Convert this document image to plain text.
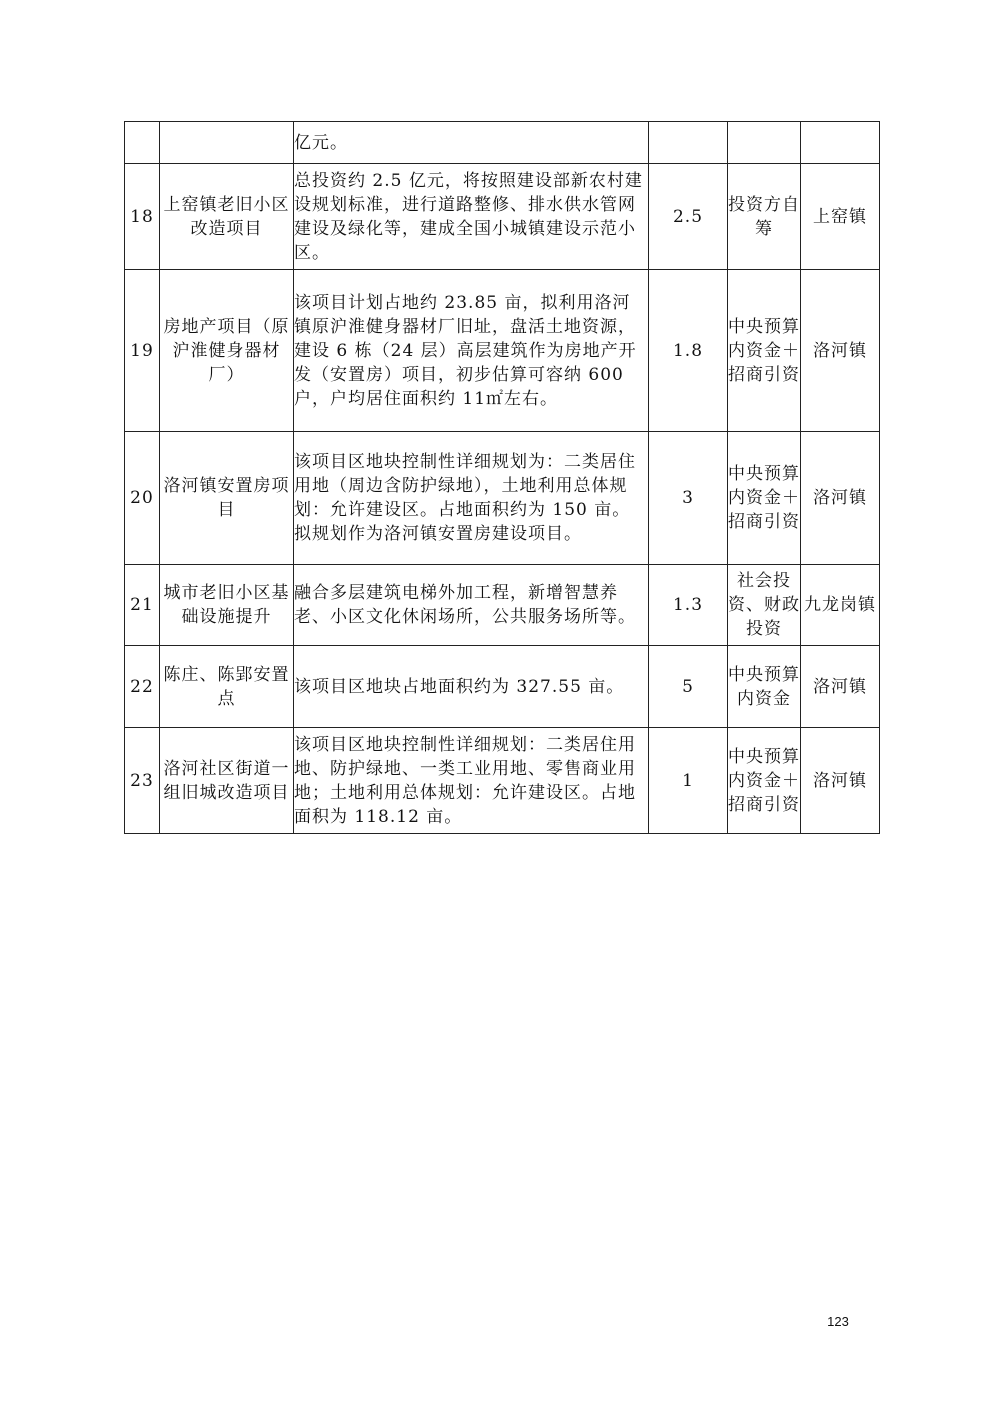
		亿元。			
18	上窑镇老旧小区改造项目	总投资约 2.5 亿元，将按照建设部新农村建设规划标准，进行道路整修、排水供水管网建设及绿化等，建成全国小城镇建设示范小区。	2.5	投资方自筹	上窑镇
19	房地产项目（原沪淮健身器材厂）	该项目计划占地约 23.85 亩，拟利用洛河镇原沪淮健身器材厂旧址，盘活土地资源，建设 6 栋（24 层）高层建筑作为房地产开发（安置房）项目，初步估算可容纳 600 户，户均居住面积约 11㎡左右。	1.8	中央预算内资金＋招商引资	洛河镇
20	洛河镇安置房项目	该项目区地块控制性详细规划为：二类居住用地（周边含防护绿地），土地利用总体规划：允许建设区。占地面积约为 150 亩。拟规划作为洛河镇安置房建设项目。	3	中央预算内资金＋招商引资	洛河镇
21	城市老旧小区基础设施提升	融合多层建筑电梯外加工程，新增智慧养老、小区文化休闲场所，公共服务场所等。	1.3	社会投资、财政投资	九龙岗镇
22	陈庄、陈郢安置点	该项目区地块占地面积约为 327.55 亩。	5	中央预算内资金	洛河镇
23	洛河社区街道一组旧城改造项目	该项目区地块控制性详细规划：二类居住用地、防护绿地、一类工业用地、零售商业用地；土地利用总体规划：允许建设区。占地面积为 118.12 亩。	1	中央预算内资金＋招商引资	洛河镇
123
